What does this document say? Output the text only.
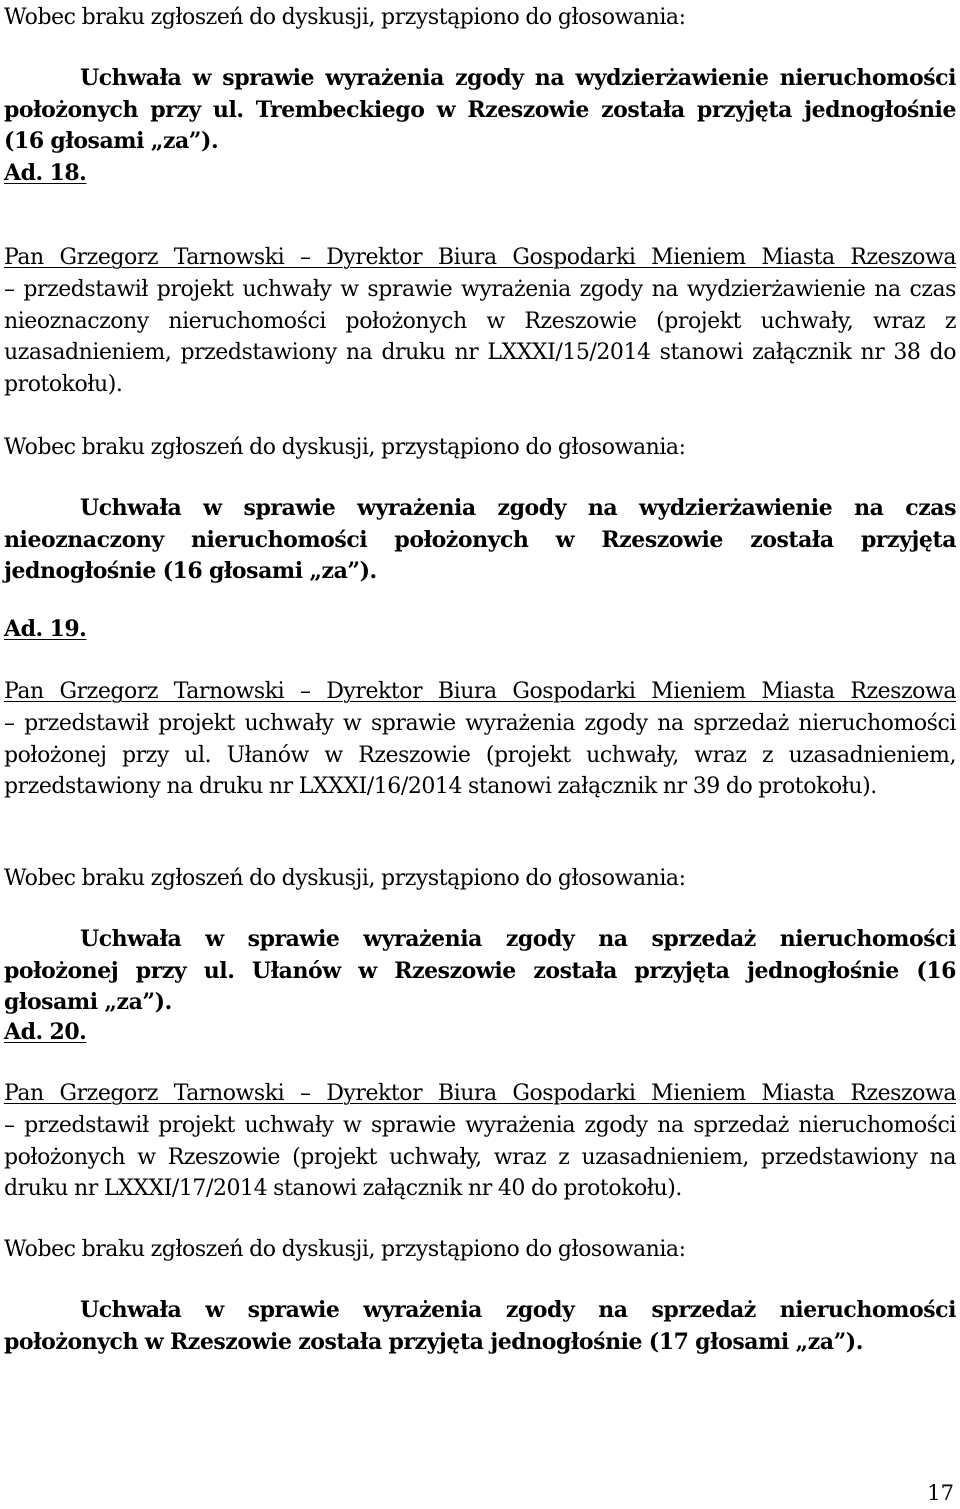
Wobec braku zgłoszeń do dyskusji, przystąpiono do głosowania:

Uchwała w sprawie wyrażenia zgody na wydzierżawienie nieruchomości położonych przy ul. Trembeckiego w Rzeszowie została przyjęta jednogłośnie (16 głosami „za”).

Ad. 18.

Pan Grzegorz Tarnowski – Dyrektor Biura Gospodarki Mieniem Miasta Rzeszowa

– przedstawił projekt uchwały w sprawie wyrażenia zgody na wydzierżawienie na czas nieoznaczony nieruchomości położonych w Rzeszowie (projekt uchwały, wraz z uzasadnieniem, przedstawiony na druku nr LXXXI/15/2014 stanowi załącznik nr 38 do protokołu).

Wobec braku zgłoszeń do dyskusji, przystąpiono do głosowania:

Uchwała w sprawie wyrażenia zgody na wydzierżawienie na czas nieoznaczony nieruchomości położonych w Rzeszowie została przyjęta jednogłośnie (16 głosami „za”).

Ad. 19.

Pan Grzegorz Tarnowski – Dyrektor Biura Gospodarki Mieniem Miasta Rzeszowa

– przedstawił projekt uchwały w sprawie wyrażenia zgody na sprzedaż nieruchomości położonej przy ul. Ułanów w Rzeszowie (projekt uchwały, wraz z uzasadnieniem, przedstawiony na druku nr LXXXI/16/2014 stanowi załącznik nr 39 do protokołu).

Wobec braku zgłoszeń do dyskusji, przystąpiono do głosowania:

Uchwała w sprawie wyrażenia zgody na sprzedaż nieruchomości położonej przy ul. Ułanów w Rzeszowie została przyjęta jednogłośnie (16 głosami „za”).

Ad. 20.

Pan Grzegorz Tarnowski – Dyrektor Biura Gospodarki Mieniem Miasta Rzeszowa

– przedstawił projekt uchwały w sprawie wyrażenia zgody na sprzedaż nieruchomości położonych w Rzeszowie (projekt uchwały, wraz z uzasadnieniem, przedstawiony na druku nr LXXXI/17/2014 stanowi załącznik nr 40 do protokołu).

Wobec braku zgłoszeń do dyskusji, przystąpiono do głosowania:

Uchwała w sprawie wyrażenia zgody na sprzedaż nieruchomości położonych w Rzeszowie została przyjęta jednogłośnie (17 głosami „za”).

17
